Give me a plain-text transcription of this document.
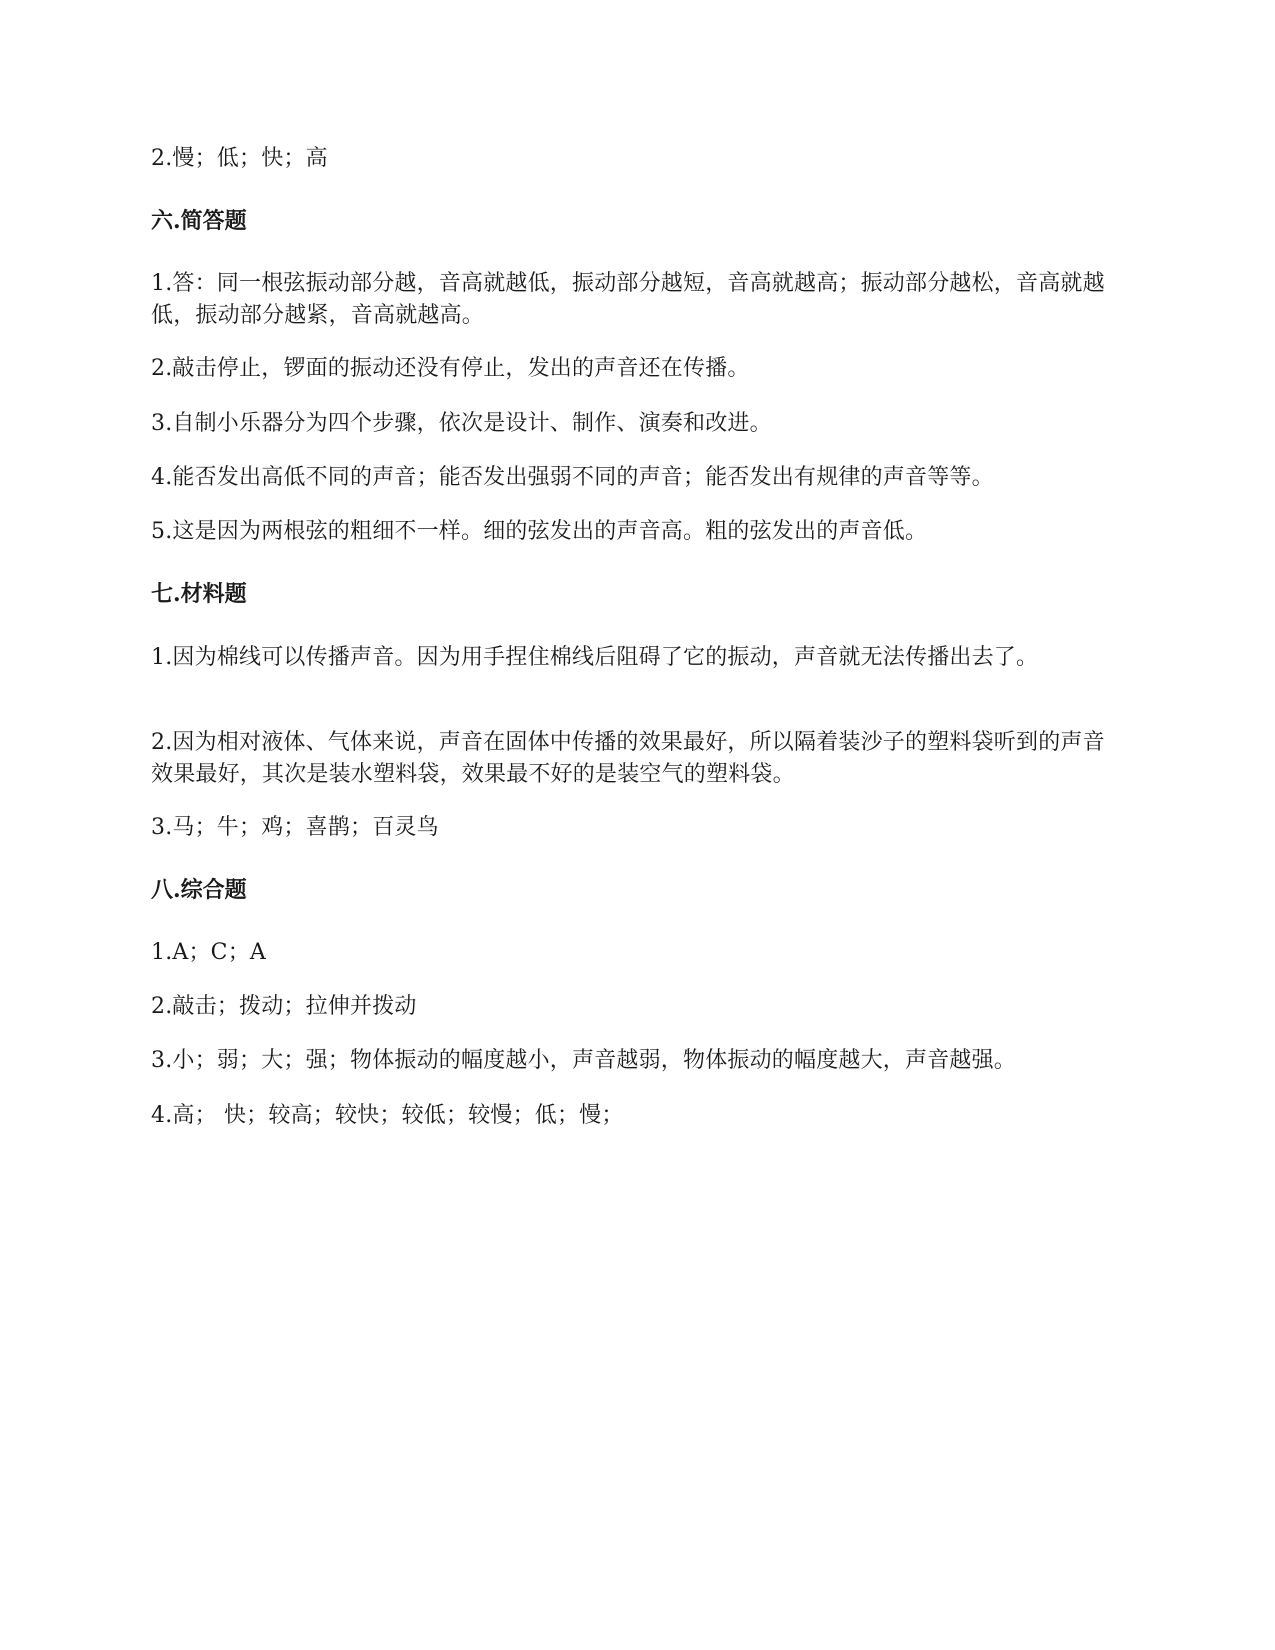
2.慢；低；快；高

六.简答题

1.答：同一根弦振动部分越，音高就越低，振动部分越短，音高就越高；振动部分越松，音高就越低，振动部分越紧，音高就越高。

2.敲击停止，锣面的振动还没有停止，发出的声音还在传播。

3.自制小乐器分为四个步骤，依次是设计、制作、演奏和改进。

4.能否发出高低不同的声音；能否发出强弱不同的声音；能否发出有规律的声音等等。

5.这是因为两根弦的粗细不一样。细的弦发出的声音高。粗的弦发出的声音低。

七.材料题

1.因为棉线可以传播声音。因为用手捏住棉线后阻碍了它的振动，声音就无法传播出去了。

2.因为相对液体、气体来说，声音在固体中传播的效果最好，所以隔着装沙子的塑料袋听到的声音效果最好，其次是装水塑料袋，效果最不好的是装空气的塑料袋。

3.马；牛；鸡；喜鹊；百灵鸟

八.综合题

1.A；C；A

2.敲击；拨动；拉伸并拨动

3.小；弱；大；强；物体振动的幅度越小，声音越弱，物体振动的幅度越大，声音越强。

4.高； 快；较高；较快；较低；较慢；低；慢；
